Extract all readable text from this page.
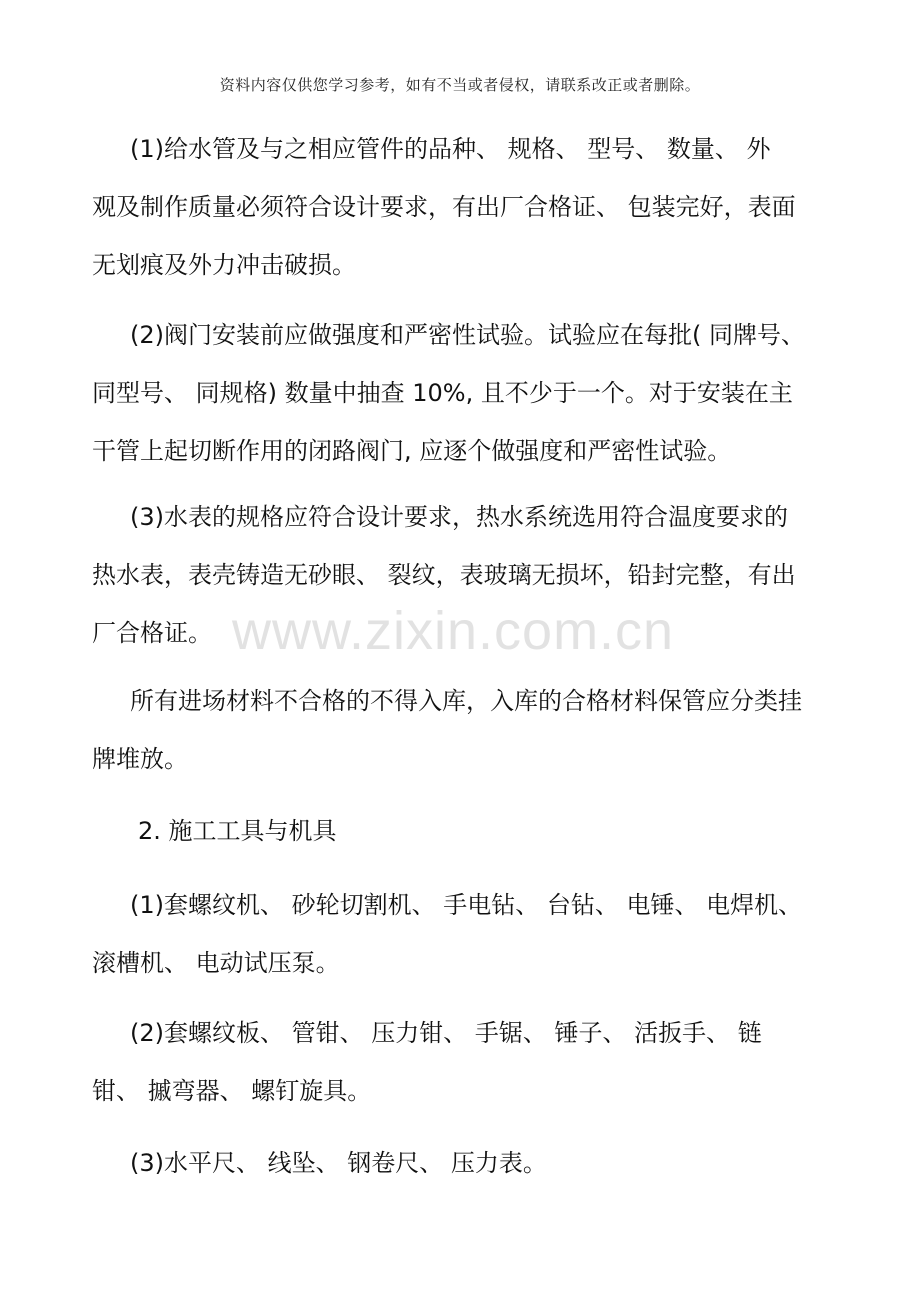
资料内容仅供您学习参考，如有不当或者侵权，请联系改正或者删除。
www.zixin.com.cn
(1)给水管及与之相应管件的品种、 规格、 型号、 数量、 外
观及制作质量必须符合设计要求，有出厂合格证、 包装完好，表面
无划痕及外力冲击破损。
(2)阀门安装前应做强度和严密性试验。试验应在每批( 同牌号、
同型号、 同规格) 数量中抽查 10%, 且不少于一个。对于安装在主
干管上起切断作用的闭路阀门, 应逐个做强度和严密性试验。
(3)水表的规格应符合设计要求，热水系统选用符合温度要求的
热水表，表壳铸造无砂眼、 裂纹，表玻璃无损坏，铅封完整，有出
厂合格证。
所有进场材料不合格的不得入库，入库的合格材料保管应分类挂
牌堆放。
2. 施工工具与机具
(1)套螺纹机、 砂轮切割机、 手电钻、 台钻、 电锤、 电焊机、
滚槽机、 电动试压泵。
(2)套螺纹板、 管钳、 压力钳、 手锯、 锤子、 活扳手、 链
钳、 摵弯器、 螺钉旋具。
(3)水平尺、 线坠、 钢卷尺、 压力表。
